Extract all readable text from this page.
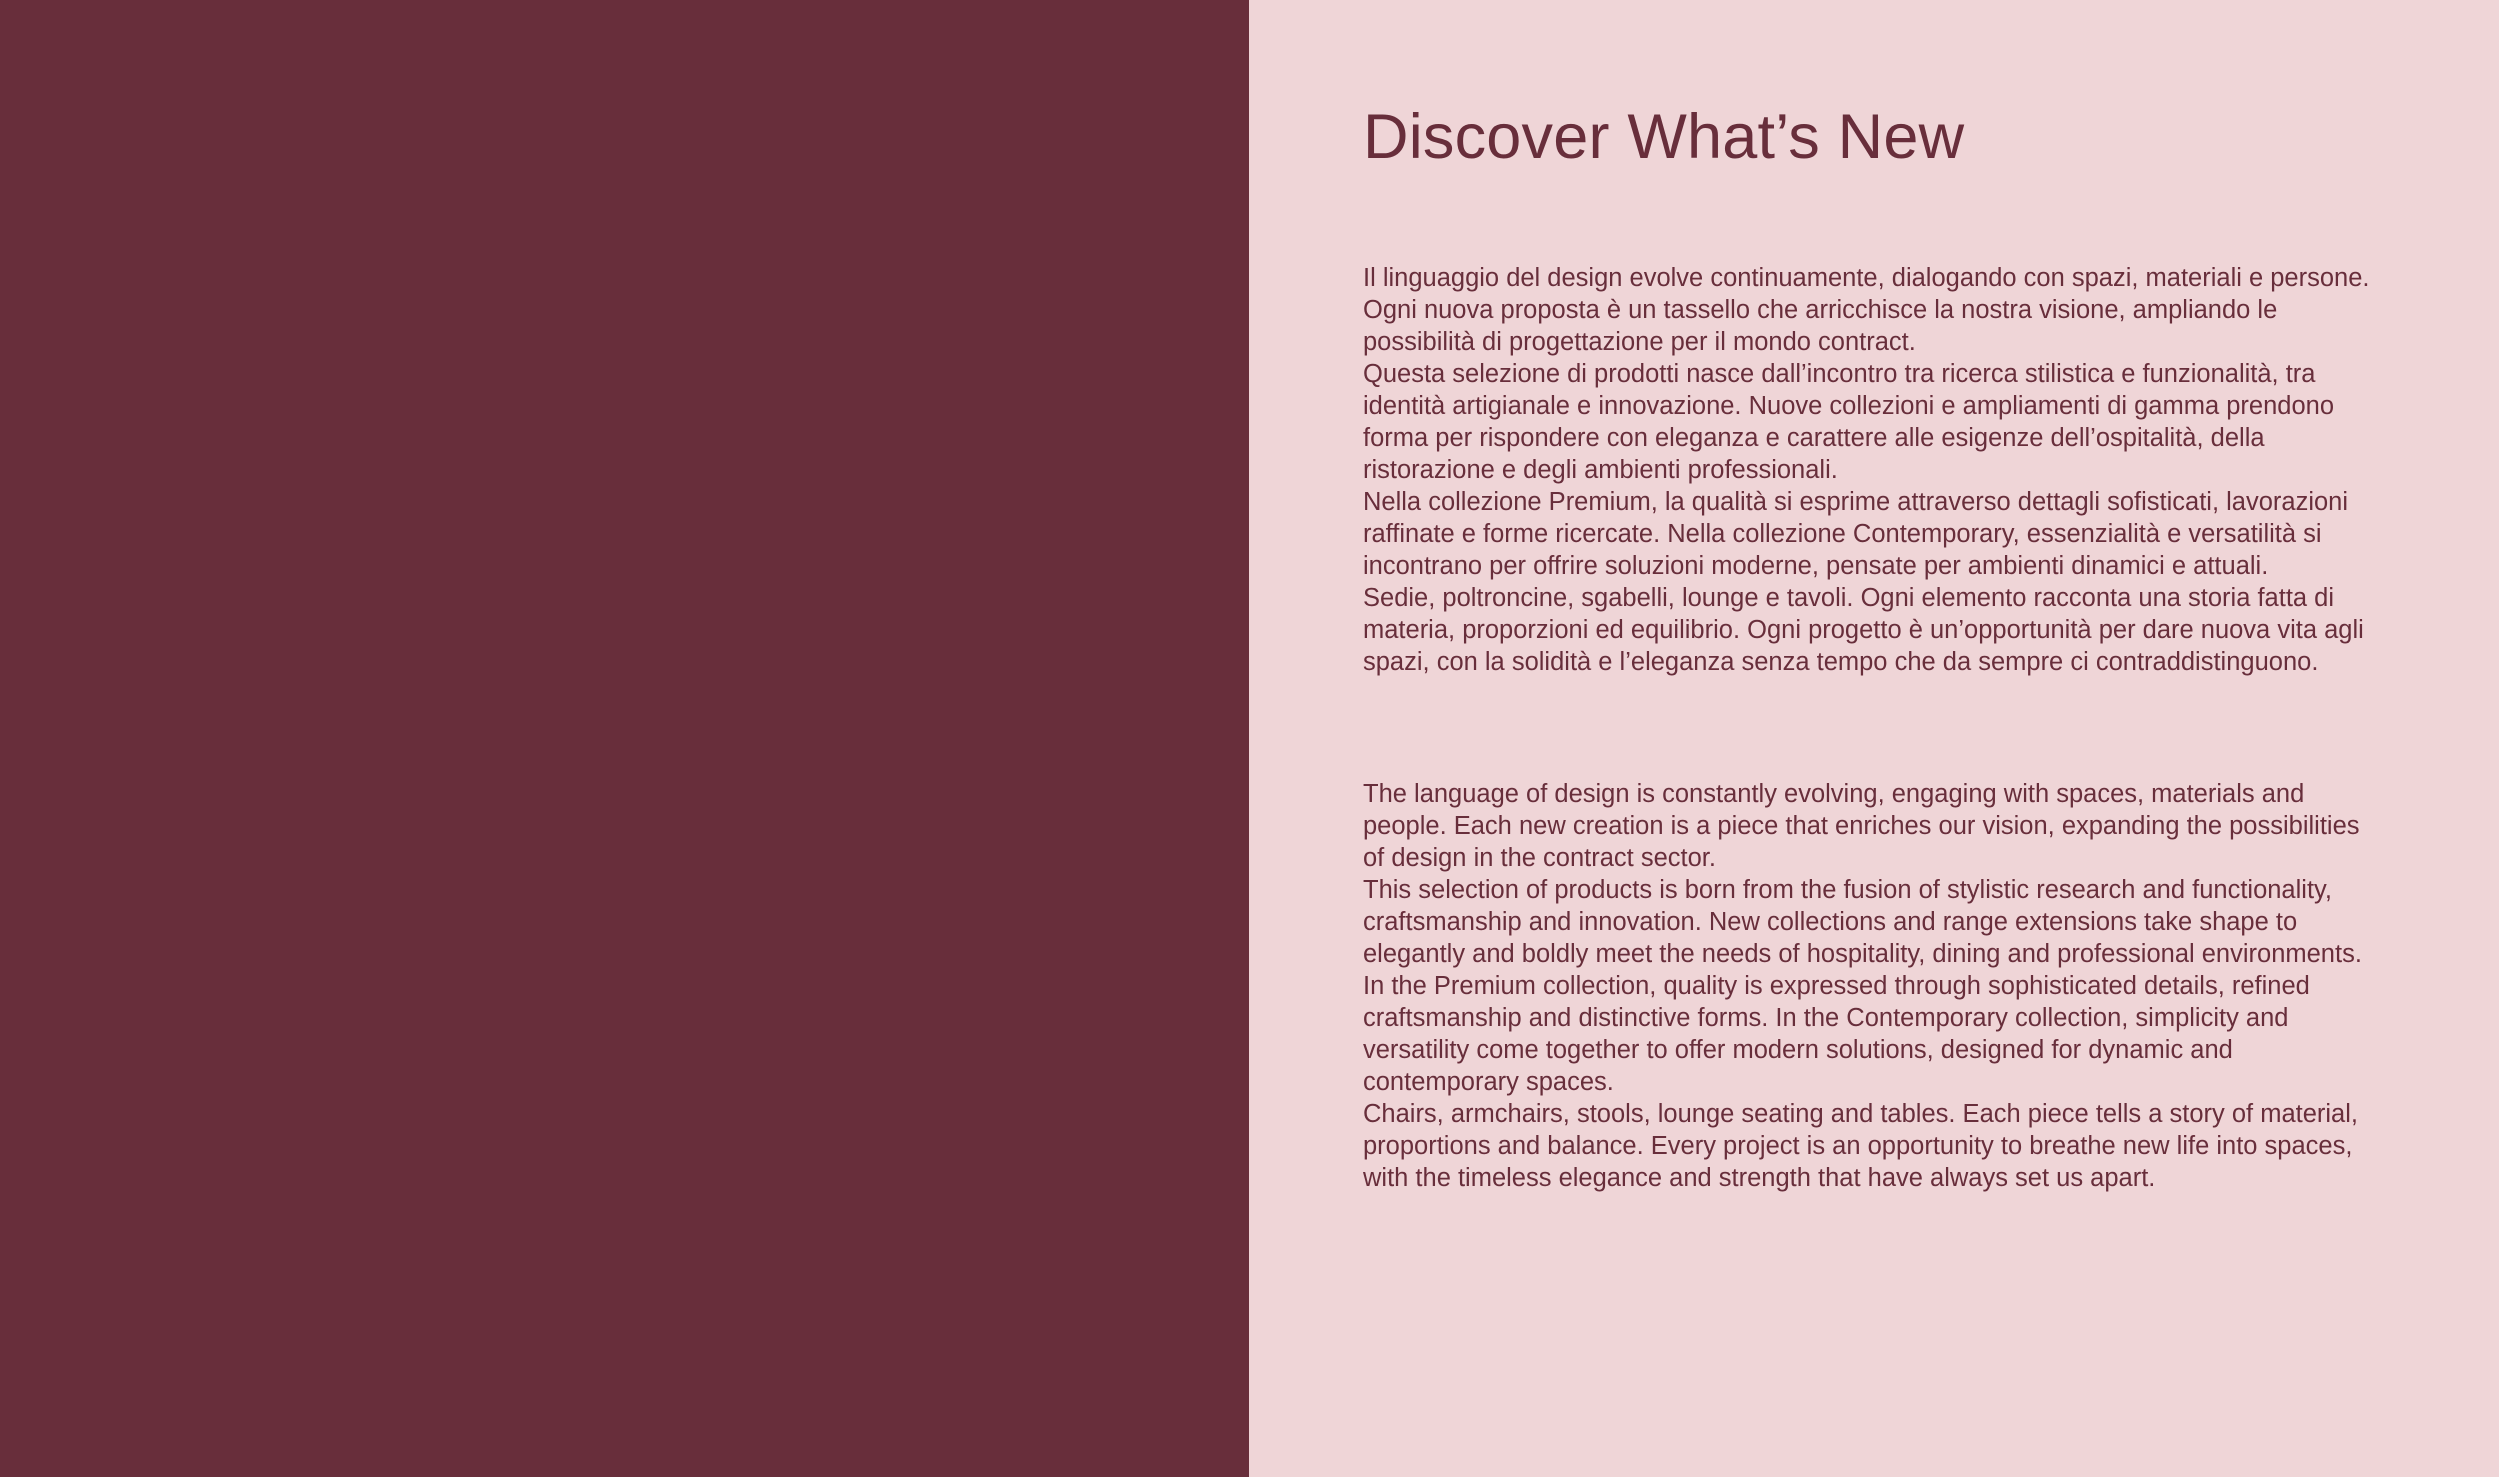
Discover What’s New

Il linguaggio del design evolve continuamente, dialogando con spazi, materiali e persone. Ogni nuova proposta è un tassello che arricchisce la nostra visione, ampliando le possibilità di progettazione per il mondo contract.

Questa selezione di prodotti nasce dall’incontro tra ricerca stilistica e funzionalità, tra identità artigianale e innovazione. Nuove collezioni e ampliamenti di gamma prendono forma per rispondere con eleganza e carattere alle esigenze dell’ospitalità, della ristorazione e degli ambienti professionali.

Nella collezione Premium, la qualità si esprime attraverso dettagli sofisticati, lavorazioni raffinate e forme ricercate. Nella collezione Contemporary, essenzialità e versatilità si incontrano per offrire soluzioni moderne, pensate per ambienti dinamici e attuali.

Sedie, poltroncine, sgabelli, lounge e tavoli. Ogni elemento racconta una storia fatta di materia, proporzioni ed equilibrio. Ogni progetto è un’opportunità per dare nuova vita agli spazi, con la solidità e l’eleganza senza tempo che da sempre ci contraddistinguono.

The language of design is constantly evolving, engaging with spaces, materials and people. Each new creation is a piece that enriches our vision, expanding the possibilities of design in the contract sector.

This selection of products is born from the fusion of stylistic research and functionality, craftsmanship and innovation. New collections and range extensions take shape to elegantly and boldly meet the needs of hospitality, dining and professional environments.

In the Premium collection, quality is expressed through sophisticated details, refined craftsmanship and distinctive forms. In the Contemporary collection, simplicity and versatility come together to offer modern solutions, designed for dynamic and contemporary spaces.

Chairs, armchairs, stools, lounge seating and tables. Each piece tells a story of material, proportions and balance. Every project is an opportunity to breathe new life into spaces, with the timeless elegance and strength that have always set us apart.
